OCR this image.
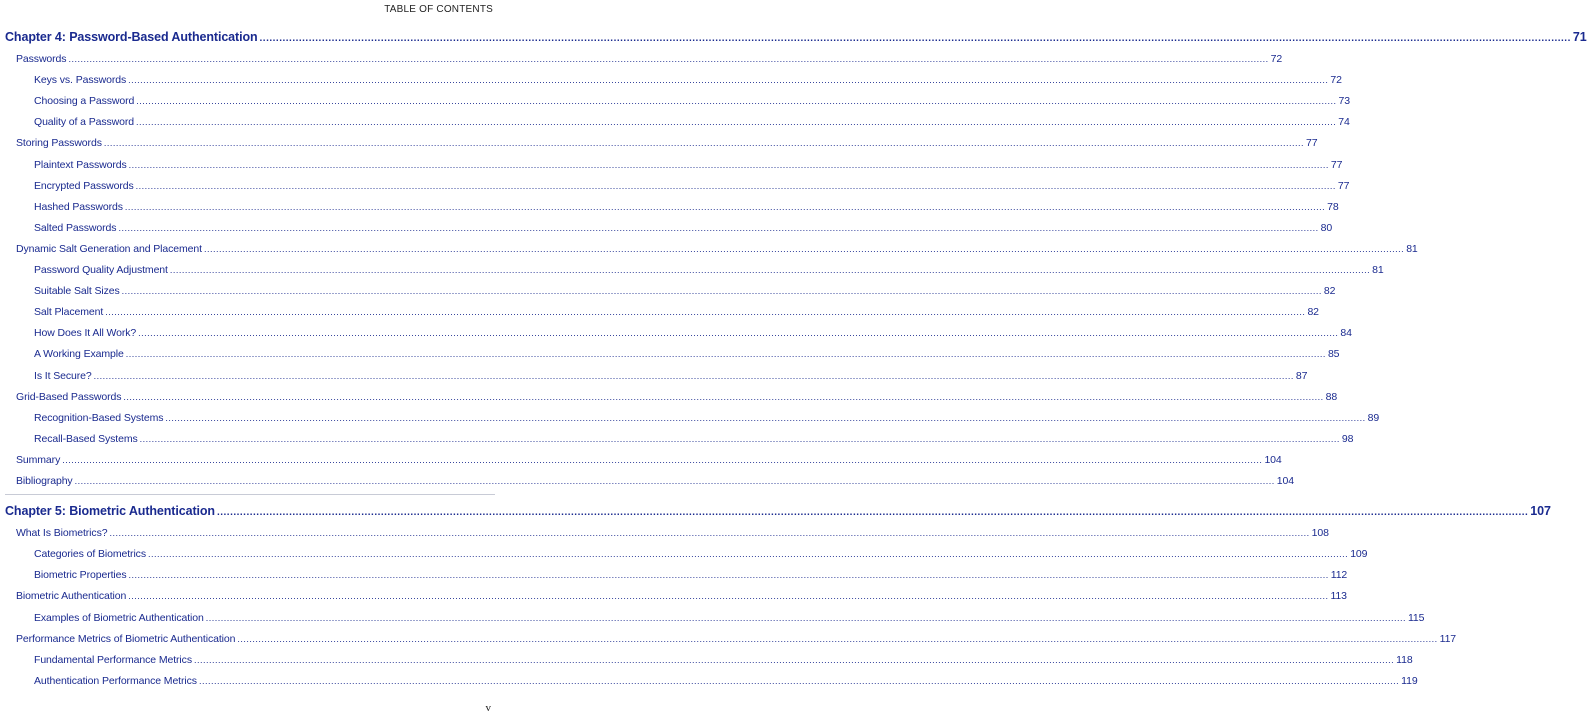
TABLE OF CONTENTS
Chapter 4: Password-Based Authentication ................................................................................................................................................................................................................................................................................................................................................................................................................ 71
Passwords ................................................................................................................................................................................................................................................................................................................................................................................................................ 72
Keys vs. Passwords ................................................................................................................................................................................................................................................................................................................................................................................................................ 72
Choosing a Password ................................................................................................................................................................................................................................................................................................................................................................................................................ 73
Quality of a Password ................................................................................................................................................................................................................................................................................................................................................................................................................ 74
Storing Passwords ................................................................................................................................................................................................................................................................................................................................................................................................................ 77
Plaintext Passwords ................................................................................................................................................................................................................................................................................................................................................................................................................ 77
Encrypted Passwords ................................................................................................................................................................................................................................................................................................................................................................................................................ 77
Hashed Passwords ................................................................................................................................................................................................................................................................................................................................................................................................................ 78
Salted Passwords ................................................................................................................................................................................................................................................................................................................................................................................................................ 80
Dynamic Salt Generation and Placement ................................................................................................................................................................................................................................................................................................................................................................................................................ 81
Password Quality Adjustment ................................................................................................................................................................................................................................................................................................................................................................................................................ 81
Suitable Salt Sizes ................................................................................................................................................................................................................................................................................................................................................................................................................ 82
Salt Placement ................................................................................................................................................................................................................................................................................................................................................................................................................ 82
How Does It All Work? ................................................................................................................................................................................................................................................................................................................................................................................................................ 84
A Working Example ................................................................................................................................................................................................................................................................................................................................................................................................................ 85
Is It Secure? ................................................................................................................................................................................................................................................................................................................................................................................................................ 87
Grid-Based Passwords ................................................................................................................................................................................................................................................................................................................................................................................................................ 88
Recognition-Based Systems ................................................................................................................................................................................................................................................................................................................................................................................................................ 89
Recall-Based Systems ................................................................................................................................................................................................................................................................................................................................................................................................................ 98
Summary ................................................................................................................................................................................................................................................................................................................................................................................................................ 104
Bibliography ................................................................................................................................................................................................................................................................................................................................................................................................................ 104
Chapter 5: Biometric Authentication ................................................................................................................................................................................................................................................................................................................................................................................................................ 107
What Is Biometrics? ................................................................................................................................................................................................................................................................................................................................................................................................................ 108
Categories of Biometrics ................................................................................................................................................................................................................................................................................................................................................................................................................ 109
Biometric Properties ................................................................................................................................................................................................................................................................................................................................................................................................................ 112
Biometric Authentication ................................................................................................................................................................................................................................................................................................................................................................................................................ 113
Examples of Biometric Authentication ................................................................................................................................................................................................................................................................................................................................................................................................................ 115
Performance Metrics of Biometric Authentication ................................................................................................................................................................................................................................................................................................................................................................................................................ 117
Fundamental Performance Metrics ................................................................................................................................................................................................................................................................................................................................................................................................................ 118
Authentication Performance Metrics ................................................................................................................................................................................................................................................................................................................................................................................................................ 119
v
